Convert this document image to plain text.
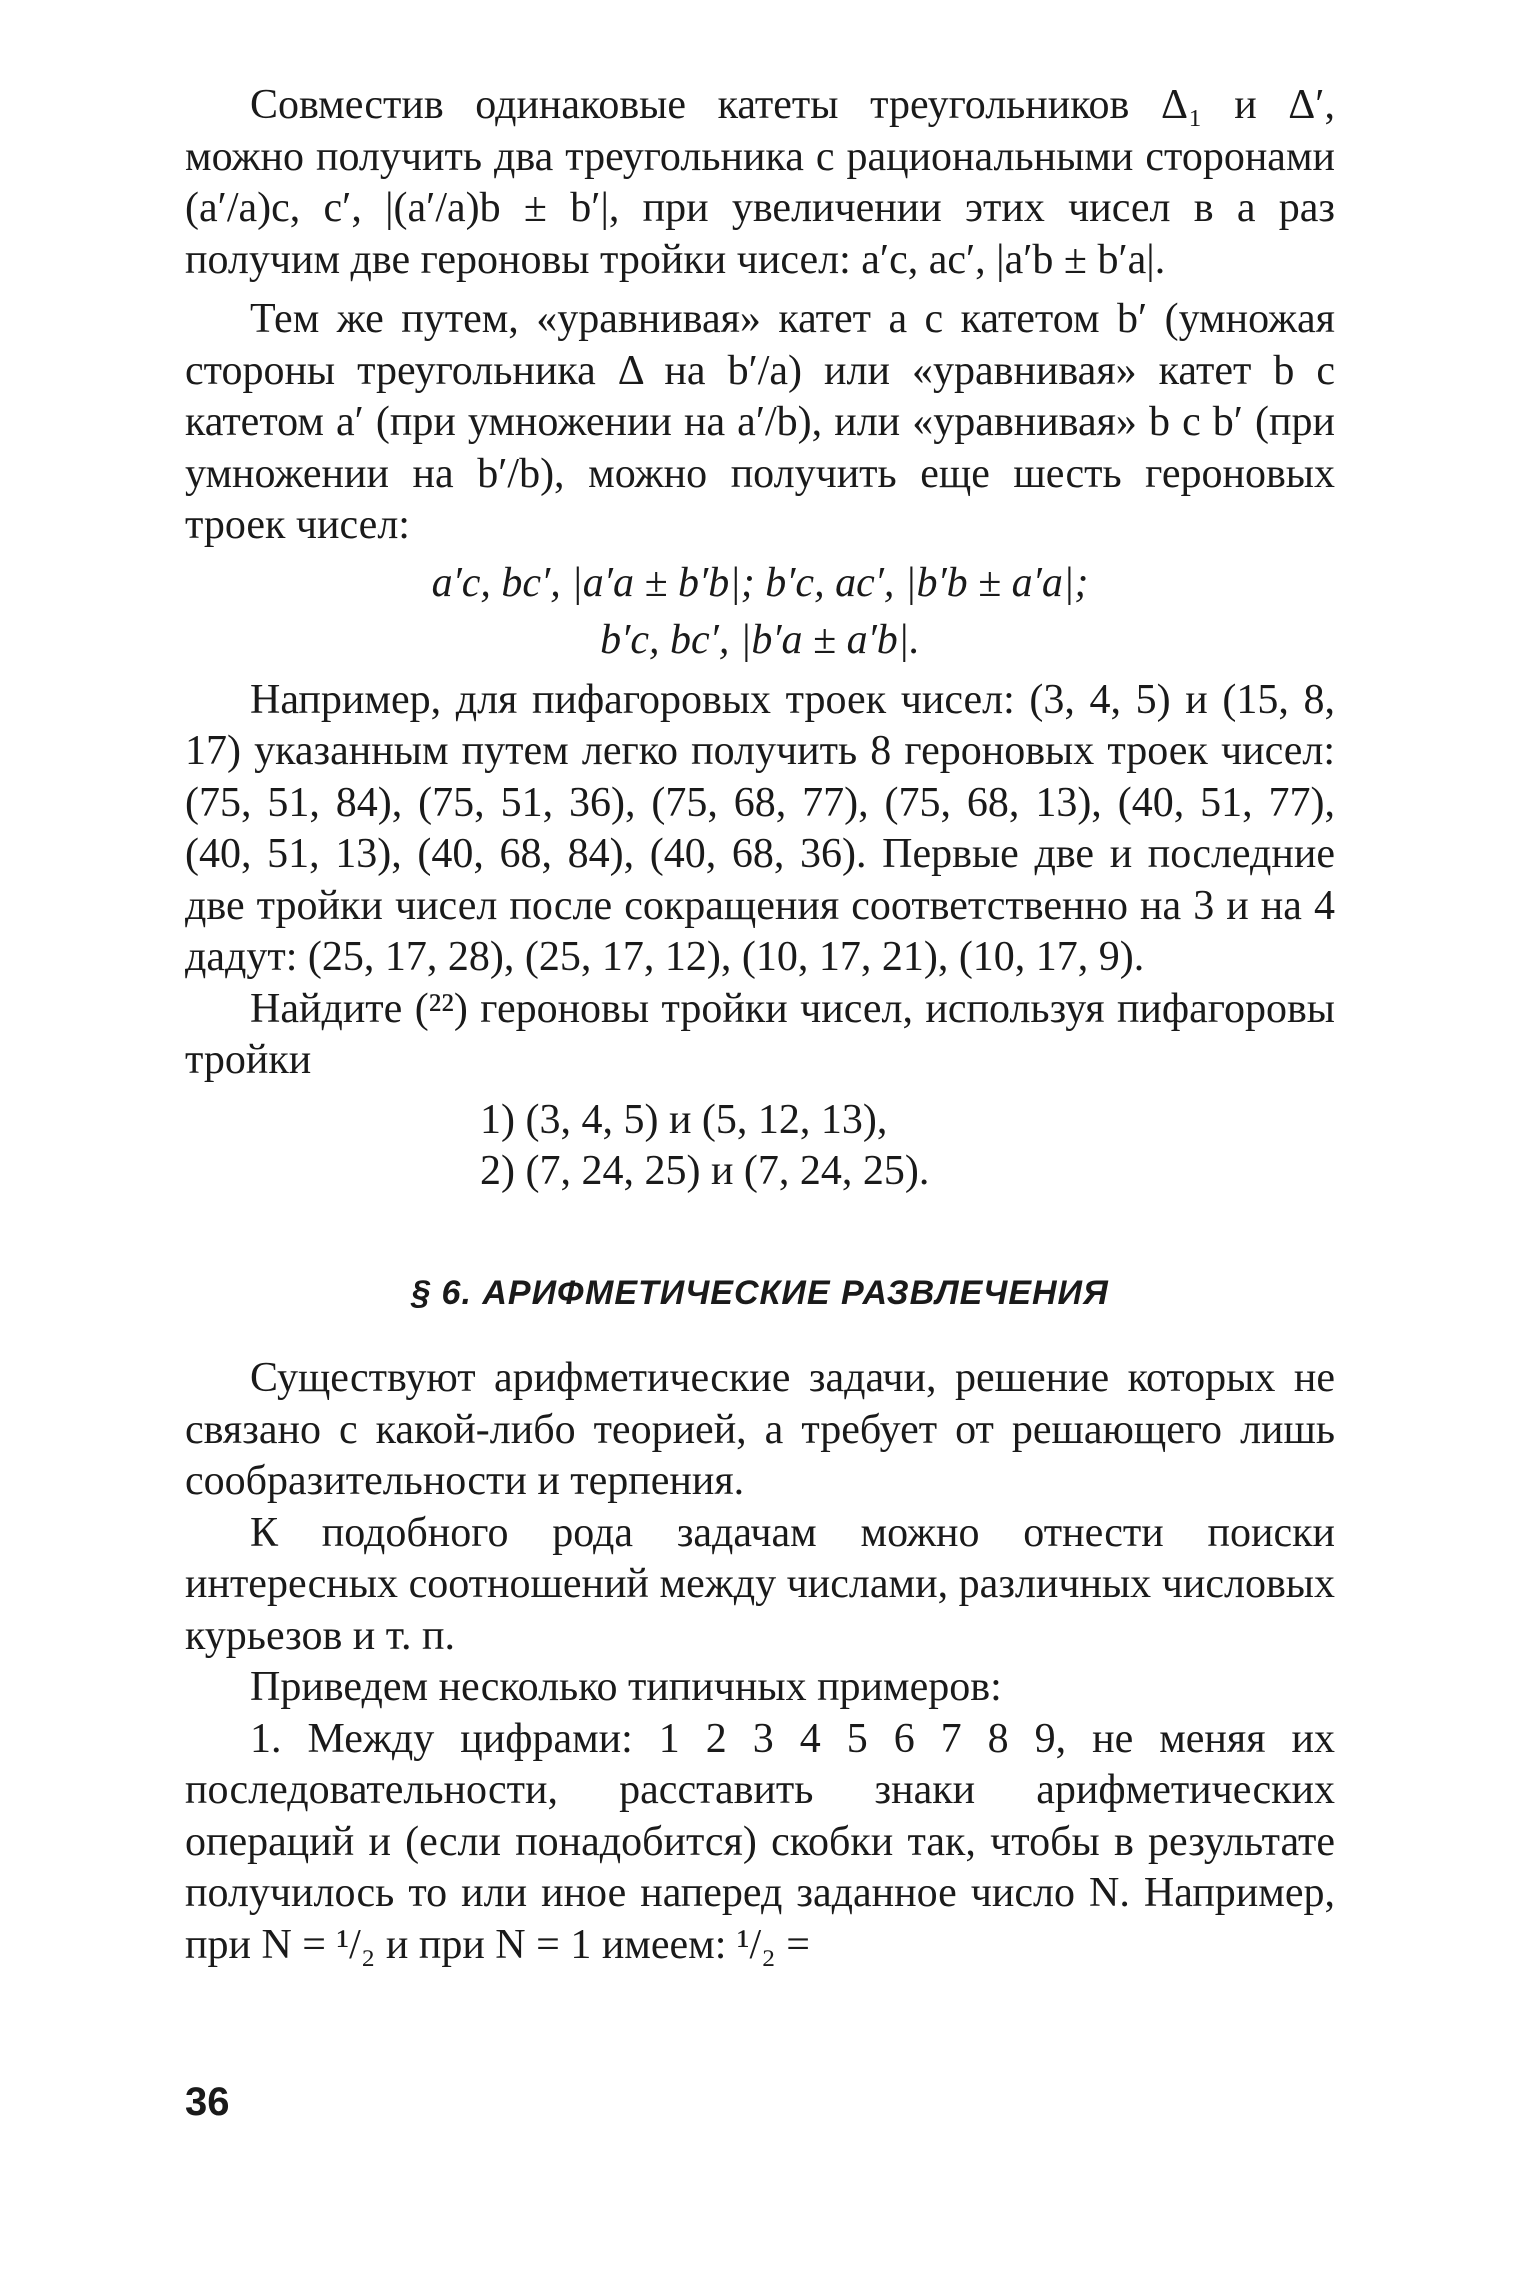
Совместив одинаковые катеты треугольников Δ₁ и Δ′, можно получить два треугольника с рациональными сторонами (a′/a)c, c′, |(a′/a)b ± b′|, при увеличении этих чисел в a раз получим две героновы тройки чисел: a′c, ac′, |a′b ± b′a|.

Тем же путем, «уравнивая» катет a с катетом b′ (умножая стороны треугольника Δ на b′/a) или «уравнивая» катет b с катетом a′ (при умножении на a′/b), или «уравнивая» b с b′ (при умножении на b′/b), можно получить еще шесть героновых троек чисел:

a′c, bc′, |a′a ± b′b|; b′c, ac′, |b′b ± a′a|;
b′c, bc′, |b′a ± a′b|.

Например, для пифагоровых троек чисел: (3, 4, 5) и (15, 8, 17) указанным путем легко получить 8 героновых троек чисел: (75, 51, 84), (75, 51, 36), (75, 68, 77), (75, 68, 13), (40, 51, 77), (40, 51, 13), (40, 68, 84), (40, 68, 36). Первые две и последние две тройки чисел после сокращения соответственно на 3 и на 4 дадут: (25, 17, 28), (25, 17, 12), (10, 17, 21), (10, 17, 9).

Найдите (²²) героновы тройки чисел, используя пифагоровы тройки

1) (3, 4, 5) и (5, 12, 13),
2) (7, 24, 25) и (7, 24, 25).
§ 6. АРИФМЕТИЧЕСКИЕ РАЗВЛЕЧЕНИЯ

Существуют арифметические задачи, решение которых не связано с какой-либо теорией, а требует от решающего лишь сообразительности и терпения.

К подобного рода задачам можно отнести поиски интересных соотношений между числами, различных числовых курьезов и т. п.

Приведем несколько типичных примеров:

1. Между цифрами: 1 2 3 4 5 6 7 8 9, не меняя их последовательности, расставить знаки арифметических операций и (если понадобится) скобки так, чтобы в результате получилось то или иное наперед заданное число N. Например, при N = ¹/₂ и при N = 1 имеем: ¹/₂ =

36
